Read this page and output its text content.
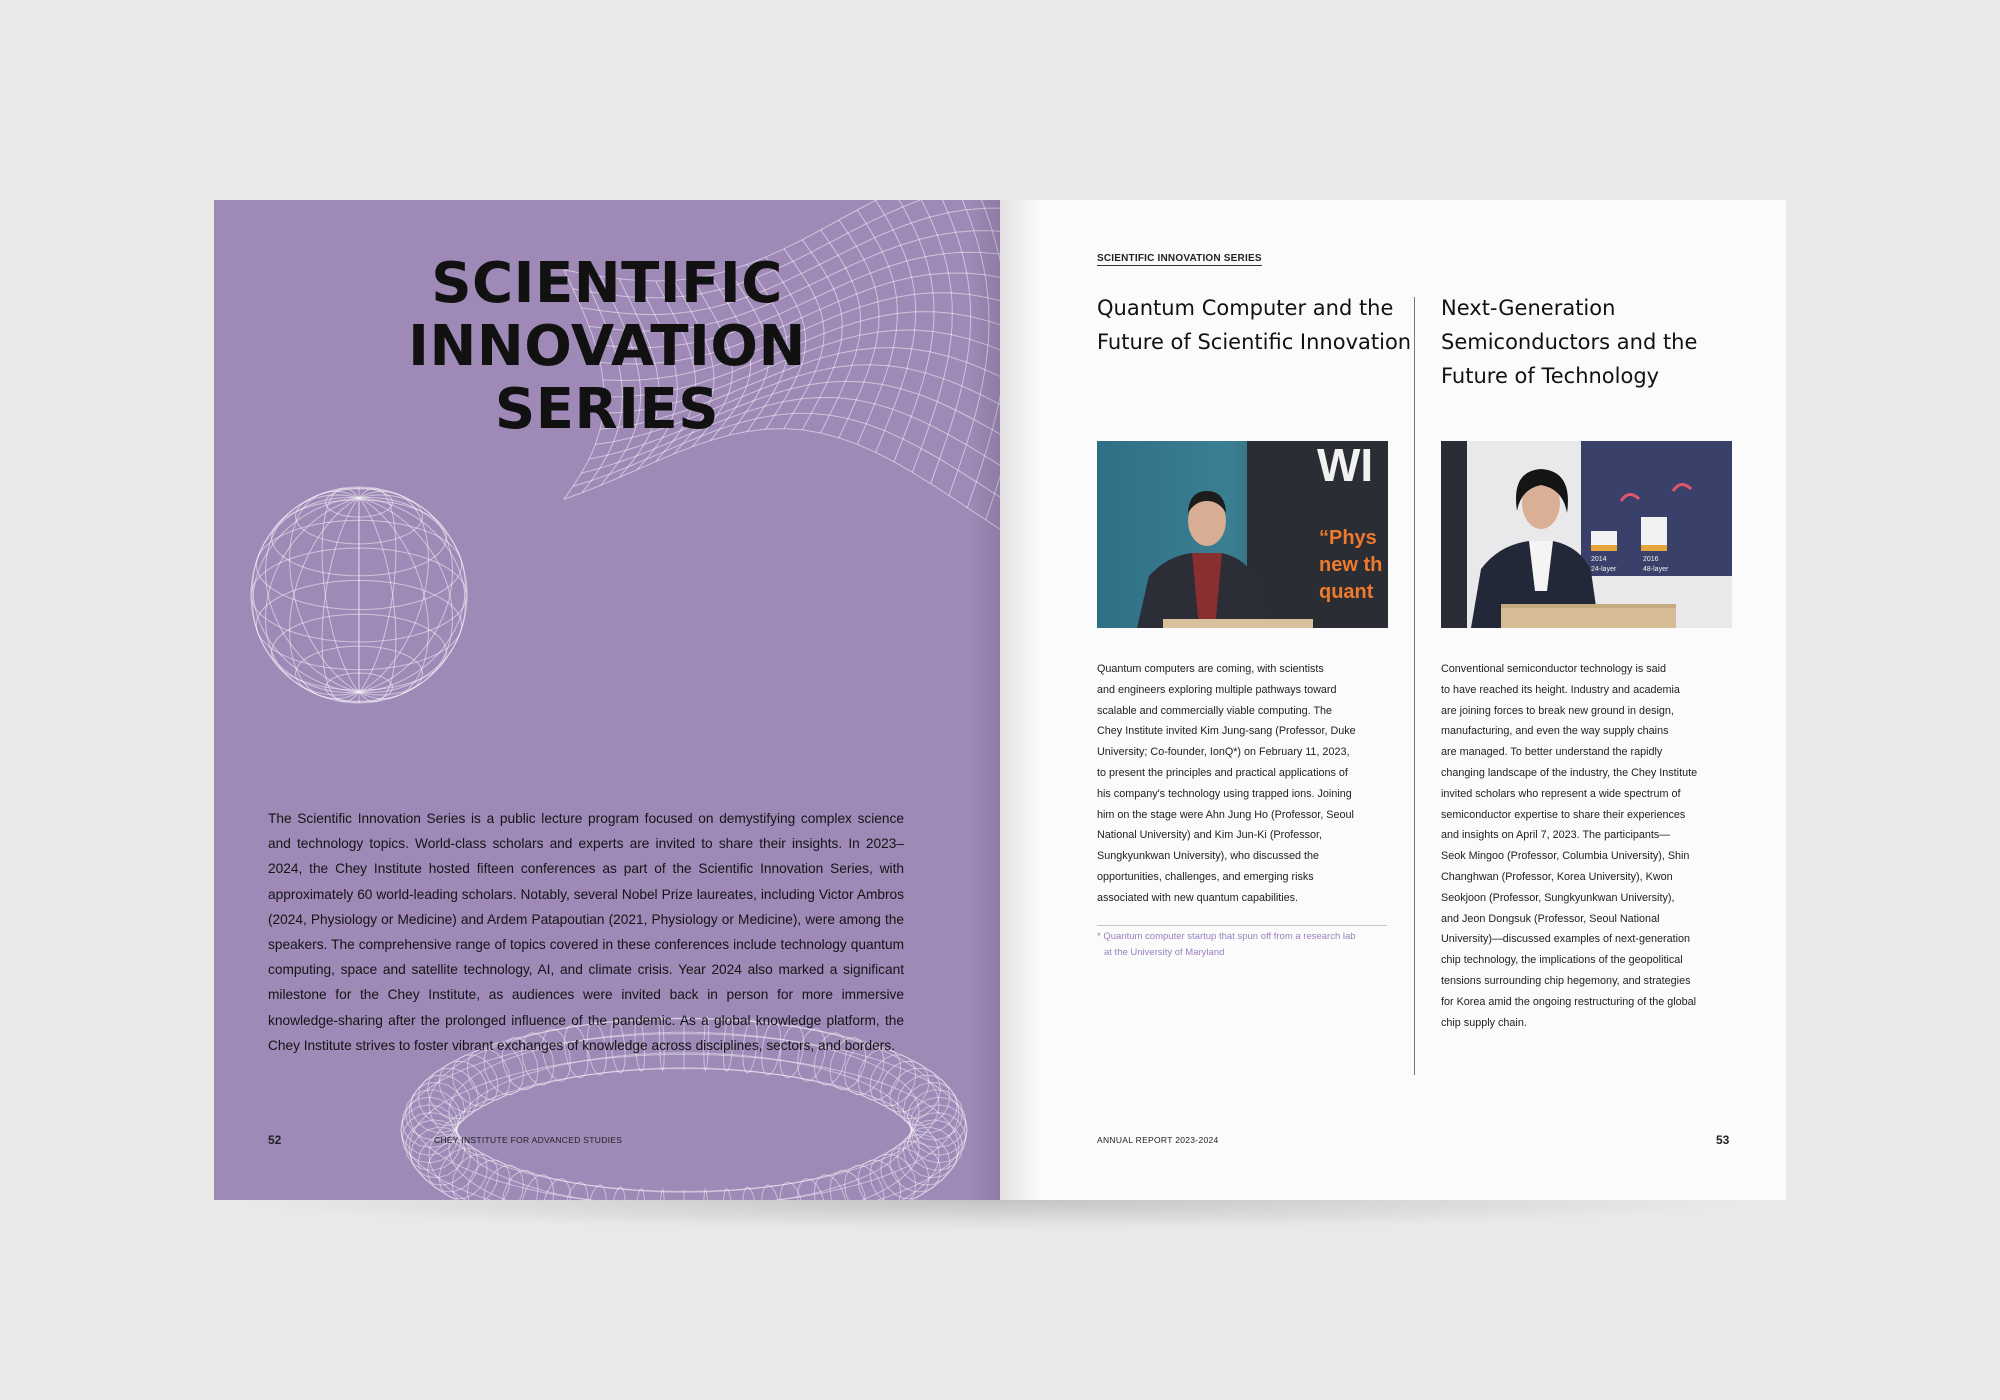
SCIENTIFIC
INNOVATION
SERIES
The Scientific Innovation Series is a public lecture program focused on demystifying complex science and technology topics. World-class scholars and experts are invited to share their insights. In 2023–2024, the Chey Institute hosted fifteen conferences as part of the Scientific Innovation Series, with approximately 60 world-leading scholars. Notably, several Nobel Prize laureates, including Victor Ambros (2024, Physiology or Medicine) and Ardem Patapoutian (2021, Physiology or Medicine), were among the speakers. The comprehensive range of topics covered in these conferences include technology quantum computing, space and satellite technology, AI, and climate crisis. Year 2024 also marked a significant milestone for the Chey Institute, as audiences were invited back in person for more immersive knowledge-sharing after the prolonged influence of the pandemic. As a global knowledge platform, the Chey Institute strives to foster vibrant exchanges of knowledge across disciplines, sectors, and borders.
52	CHEY INSTITUTE FOR ADVANCED STUDIES
SCIENTIFIC INNOVATION SERIES
Quantum Computer and the
Future of Scientific Innovation
WI
“Phys
new th
quant
Quantum computers are coming, with scientists
and engineers exploring multiple pathways toward
scalable and commercially viable computing. The
Chey Institute invited Kim Jung-sang (Professor, Duke
University; Co-founder, IonQ*) on February 11, 2023,
to present the principles and practical applications of
his company's technology using trapped ions. Joining
him on the stage were Ahn Jung Ho (Professor, Seoul
National University) and Kim Jun-Ki (Professor,
Sungkyunkwan University), who discussed the
opportunities, challenges, and emerging risks
associated with new quantum capabilities.
* Quantum computer startup that spun off from a research lab
at the University of Maryland
Next-Generation
Semiconductors and the
Future of Technology
2014
24-layer
2016
48-layer
Conventional semiconductor technology is said
to have reached its height. Industry and academia
are joining forces to break new ground in design,
manufacturing, and even the way supply chains
are managed. To better understand the rapidly
changing landscape of the industry, the Chey Institute
invited scholars who represent a wide spectrum of
semiconductor expertise to share their experiences
and insights on April 7, 2023. The participants—
Seok Mingoo (Professor, Columbia University), Shin
Changhwan (Professor, Korea University), Kwon
Seokjoon (Professor, Sungkyunkwan University),
and Jeon Dongsuk (Professor, Seoul National
University)—discussed examples of next-generation
chip technology, the implications of the geopolitical
tensions surrounding chip hegemony, and strategies
for Korea amid the ongoing restructuring of the global
chip supply chain.
ANNUAL REPORT 2023-2024	53
